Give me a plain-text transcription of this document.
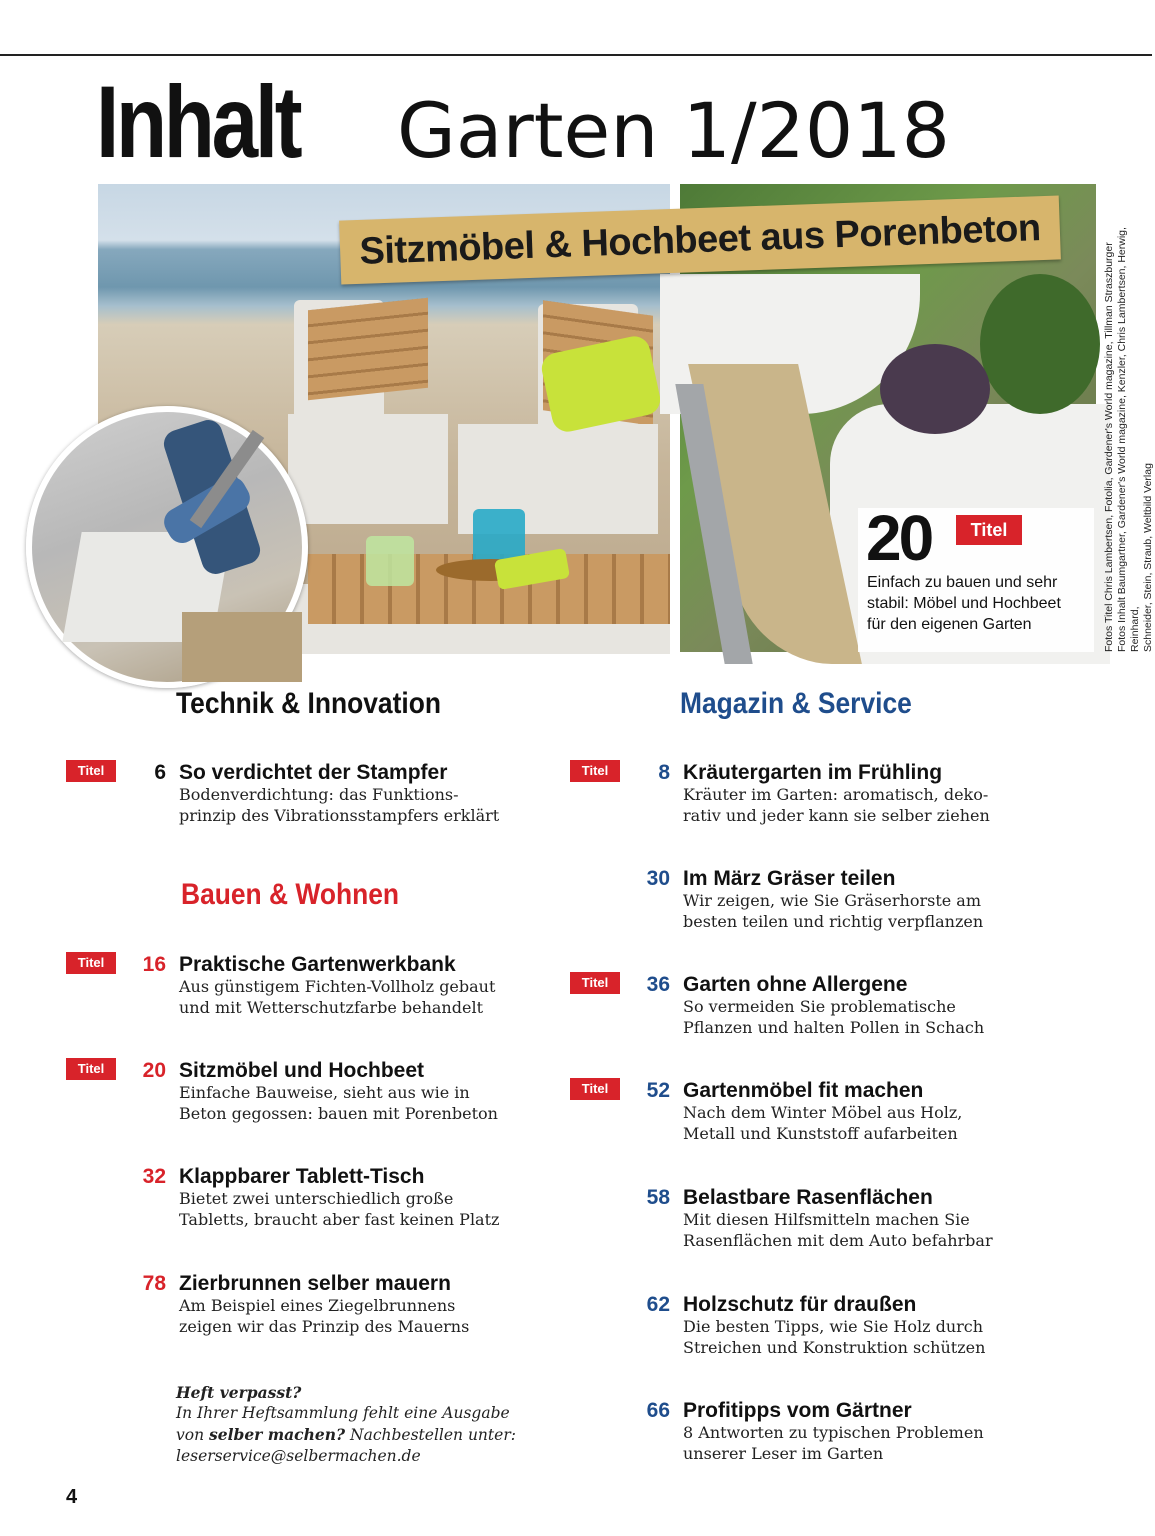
Inhalt Garten 1/2018
Sitzmöbel & Hochbeet aus Porenbeton
20	Titel
Einfach zu bauen und sehr
stabil: Möbel und Hochbeet
für den eigenen Garten	Fotos Titel Chris Lambertsen, Fotolia, Gardener's World magazine, Tillman Straszburger Fotos Inhalt Baumgartner, Gardener's World magazine, Kenzler, Chris Lambertsen, Herwig, Reinhard, Schneider, Stein, Straub, Weltbild Verlag
Technik & Innovation	Magazin & Service
Bauen & Wohnen
Titel	6 So verdichtet der Stampfer
Bodenverdichtung: das Funktions-
prinzip des Vibrationsstampfers erklärt
Titel	16 Praktische Gartenwerkbank
Aus günstigem Fichten-Vollholz gebaut
und mit Wetterschutzfarbe behandelt
Titel	20 Sitzmöbel und Hochbeet
Einfache Bauweise, sieht aus wie in
Beton gegossen: bauen mit Porenbeton
32 Klappbarer Tablett-Tisch
Bietet zwei unterschiedlich große
Tabletts, braucht aber fast keinen Platz
78 Zierbrunnen selber mauern
Am Beispiel eines Ziegelbrunnens
zeigen wir das Prinzip des Mauerns
Titel	8 Kräutergarten im Frühling
Kräuter im Garten: aromatisch, deko-
rativ und jeder kann sie selber ziehen
30 Im März Gräser teilen
Wir zeigen, wie Sie Gräserhorste am
besten teilen und richtig verpflanzen
Titel	36 Garten ohne Allergene
So vermeiden Sie problematische
Pflanzen und halten Pollen in Schach
Titel	52 Gartenmöbel fit machen
Nach dem Winter Möbel aus Holz,
Metall und Kunststoff aufarbeiten
58 Belastbare Rasenflächen
Mit diesen Hilfsmitteln machen Sie
Rasenflächen mit dem Auto befahrbar
62 Holzschutz für draußen
Die besten Tipps, wie Sie Holz durch
Streichen und Konstruktion schützen
66 Profitipps vom Gärtner
8 Antworten zu typischen Problemen
unserer Leser im Garten
Heft verpasst?
In Ihrer Heftsammlung fehlt eine Ausgabe
von selber machen? Nachbestellen unter:
leserservice@selbermachen.de
4
